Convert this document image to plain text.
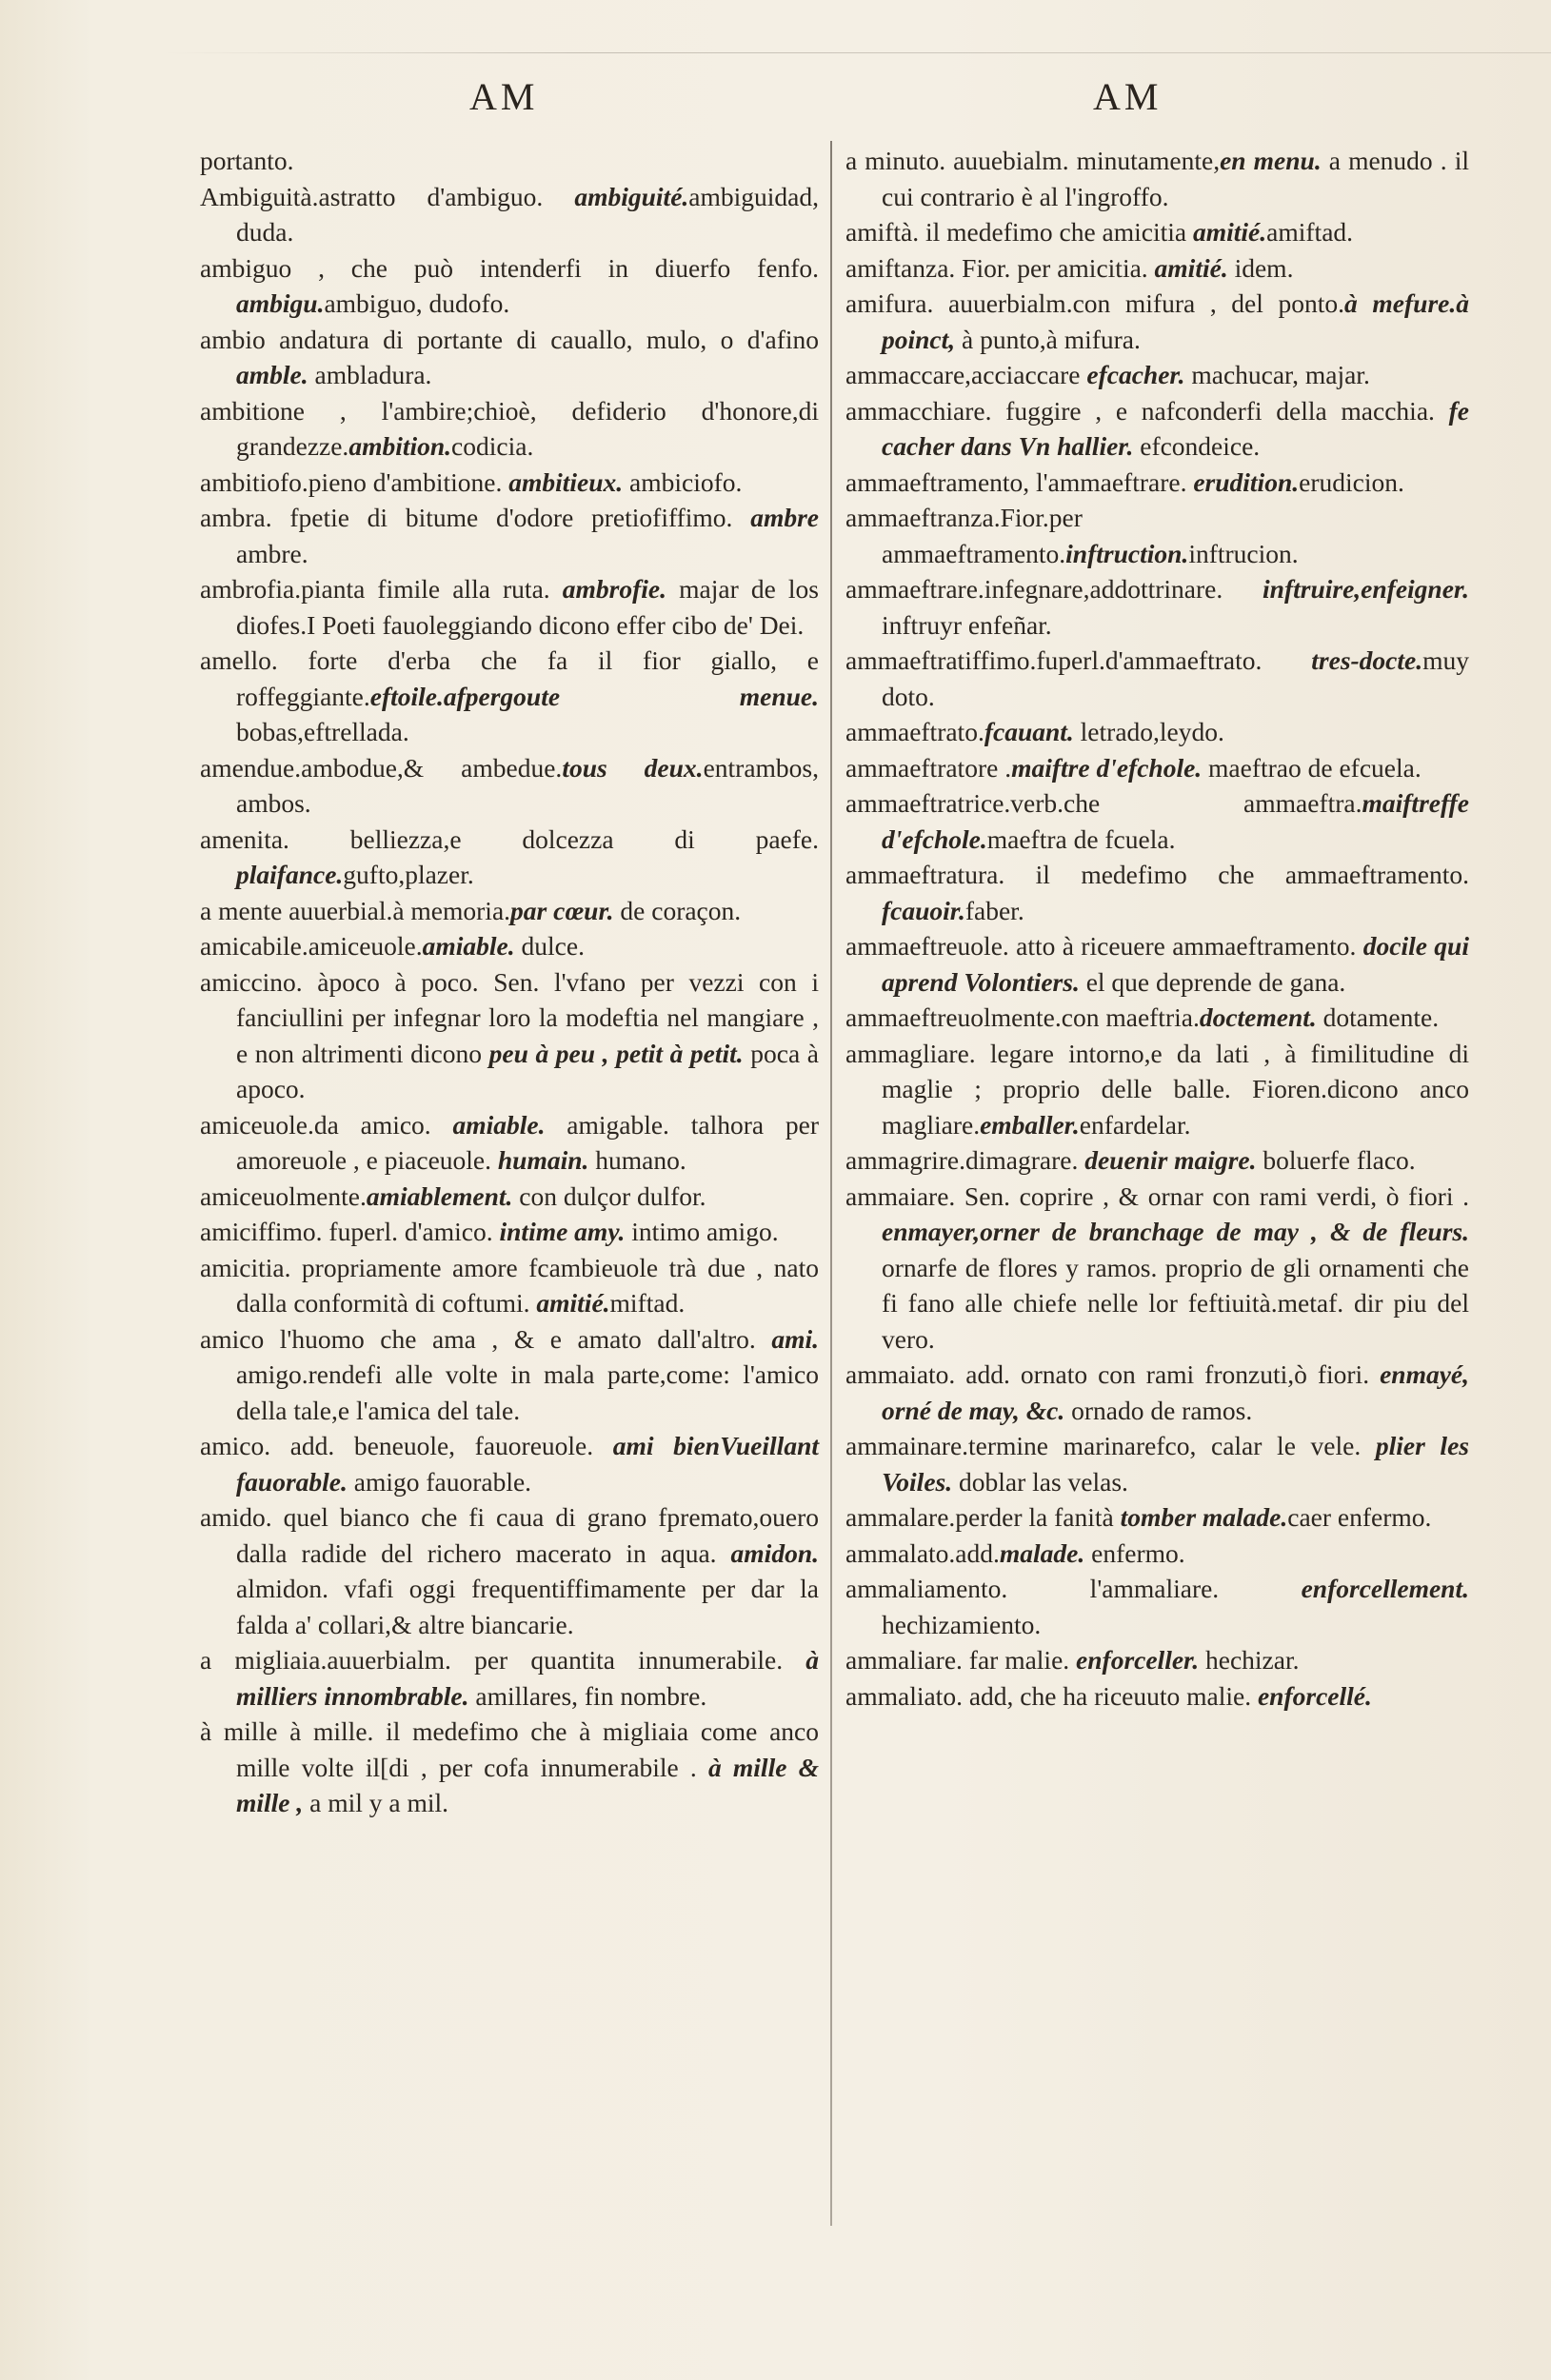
AM	AM

portanto.

Ambiguità.astratto d'ambiguo. ambiguité.ambiguidad, duda.

ambiguo , che può intenderfi in diuerfo fenfo. ambigu.ambiguo, dudofo.

ambio andatura di portante di cauallo, mulo, o d'afino amble. ambladura.

ambitione , l'ambire;chioè, defiderio d'honore,di grandezze.ambition.codicia.

ambitiofo.pieno d'ambitione. ambitieux. ambiciofo.

ambra. fpetie di bitume d'odore pretiofiffimo. ambre ambre.

ambrofia.pianta fimile alla ruta. ambrofie. majar de los diofes.I Poeti fauoleggiando dicono effer cibo de' Dei.

amello. forte d'erba che fa il fior giallo, e roffeggiante.eftoile.afpergoute menue. bobas,eftrellada.

amendue.ambodue,& ambedue.tous deux.entrambos, ambos.

amenita. belliezza,e dolcezza di paefe. plaifance.gufto,plazer.

a mente auuerbial.à memoria.par cœur. de coraçon.

amicabile.amiceuole.amiable. dulce.

amiccino. àpoco à poco. Sen. l'vfano per vezzi con i fanciullini per infegnar loro la modeftia nel mangiare , e non altrimenti dicono peu à peu , petit à petit. poca à apoco.

amiceuole.da amico. amiable. amigable. talhora per amoreuole , e piaceuole. humain. humano.

amiceuolmente.amiablement. con dulçor dulfor.

amiciffimo. fuperl. d'amico. intime amy. intimo amigo.

amicitia. propriamente amore fcambieuole trà due , nato dalla conformità di coftumi. amitié.miftad.

amico l'huomo che ama , & e amato dall'altro. ami. amigo.rendefi alle volte in mala parte,come: l'amico della tale,e l'amica del tale.

amico. add. beneuole, fauoreuole. ami bienVueillant fauorable. amigo fauorable.

amido. quel bianco che fi caua di grano fpremato,ouero dalla radide del richero macerato in aqua. amidon. almidon. vfafi oggi frequentiffimamente per dar la falda a' collari,& altre biancarie.

a migliaia.auuerbialm. per quantita innumerabile. à milliers innombrable. amillares, fin nombre.

à mille à mille. il medefimo che à migliaia come anco mille volte il[di , per cofa innumerabile . à mille & mille , a mil y a mil.

a minuto. auuebialm. minutamente,en menu. a menudo . il cui contrario è al l'ingroffo.

amiftà. il medefimo che amicitia amitié.amiftad.

amiftanza. Fior. per amicitia. amitié. idem.

amifura. auuerbialm.con mifura , del ponto.à mefure.à poinct, à punto,à mifura.

ammaccare,acciaccare efcacher. machucar, majar.

ammacchiare. fuggire , e nafconderfi della macchia. fe cacher dans Vn hallier. efcondeice.

ammaeftramento, l'ammaeftrare. erudition.erudicion.

ammaeftranza.Fior.per ammaeftramento.inftruction.inftrucion.

ammaeftrare.infegnare,addottrinare. inftruire,enfeigner. inftruyr enfeñar.

ammaeftratiffimo.fuperl.d'ammaeftrato. tres-docte.muy doto.

ammaeftrato.fcauant. letrado,leydo.

ammaeftratore .maiftre d'efchole. maeftrao de efcuela.

ammaeftratrice.verb.che ammaeftra.maiftreffe d'efchole.maeftra de fcuela.

ammaeftratura. il medefimo che ammaeftramento. fcauoir.faber.

ammaeftreuole. atto à riceuere ammaeftramento. docile qui aprend Volontiers. el que deprende de gana.

ammaeftreuolmente.con maeftria.doctement. dotamente.

ammagliare. legare intorno,e da lati , à fimilitudine di maglie ; proprio delle balle. Fioren.dicono anco magliare.emballer.enfardelar.

ammagrire.dimagrare. deuenir maigre. boluerfe flaco.

ammaiare. Sen. coprire , & ornar con rami verdi, ò fiori . enmayer,orner de branchage de may , & de fleurs. ornarfe de flores y ramos. proprio de gli ornamenti che fi fano alle chiefe nelle lor feftiuità.metaf. dir piu del vero.

ammaiato. add. ornato con rami fronzuti,ò fiori. enmayé, orné de may, &c. ornado de ramos.

ammainare.termine marinarefco, calar le vele. plier les Voiles. doblar las velas.

ammalare.perder la fanità tomber malade.caer enfermo.

ammalato.add.malade. enfermo.

ammaliamento. l'ammaliare. enforcellement. hechizamiento.

ammaliare. far malie. enforceller. hechizar.

ammaliato. add, che ha riceuuto malie. enforcellé.
